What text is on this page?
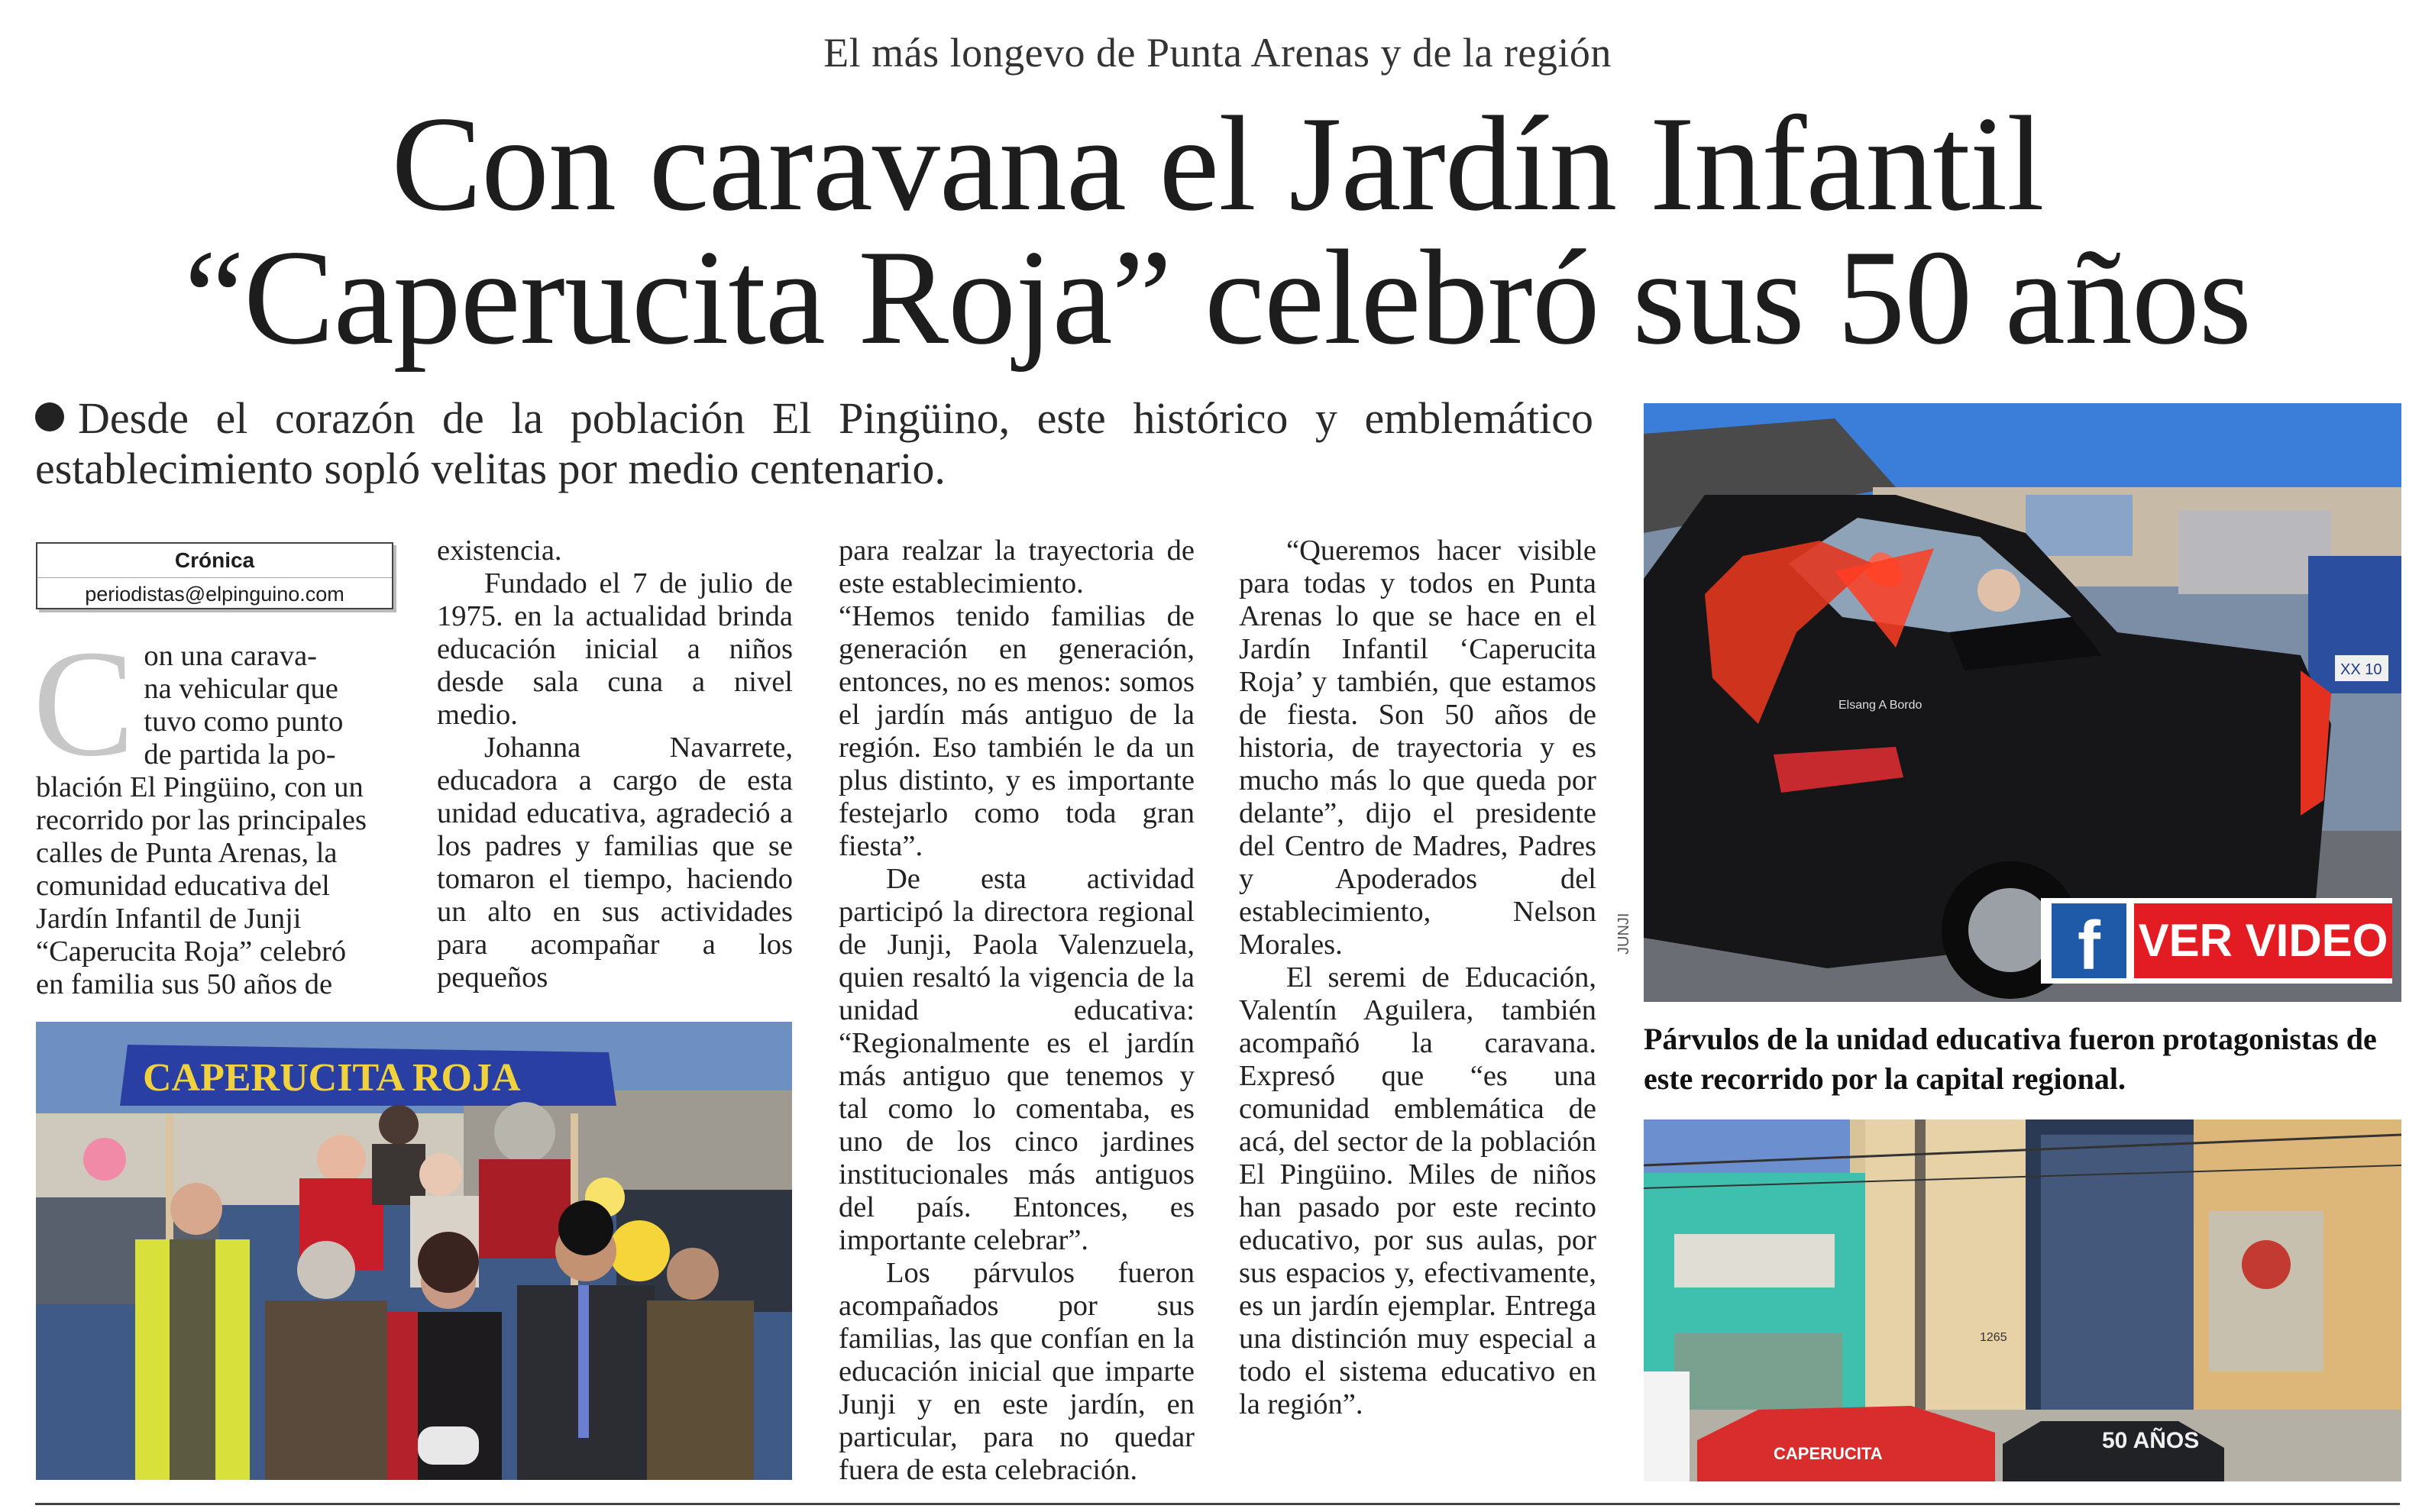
El más longevo de Punta Arenas y de la región
Con caravana el Jardín Infantil
“Caperucita Roja” celebró sus 50 años
Desde el corazón de la población El Pingüino, este histórico y emblemático establecimiento sopló velitas por medio centenario.
Crónica
periodistas@elpinguino.com
C on una carava-
na vehicular que
tuvo como punto
de partida la po-
blación El Pingüino, con un
recorrido por las principales
calles de Punta Arenas, la
comunidad educativa del
Jardín Infantil de Junji
“Caperucita Roja” celebró
en familia sus 50 años de

existencia.

Fundado el 7 de julio de 1975. en la actualidad brinda educación inicial a niños desde sala cuna a nivel medio.

Johanna Navarrete, educadora a cargo de esta unidad educativa, agradeció a los padres y familias que se tomaron el tiempo, haciendo un alto en sus actividades para acompañar a los pequeños

para realzar la trayectoria de este establecimiento.

“Hemos tenido familias de generación en generación, entonces, no es menos: somos el jardín más antiguo de la región. Eso también le da un plus distinto, y es importante festejarlo como toda gran fiesta”.

De esta actividad participó la directora regional de Junji, Paola Valenzuela, quien resaltó la vigencia de la unidad educativa: “Regionalmente es el jardín más antiguo que tenemos y tal como lo comentaba, es uno de los cinco jardines institucionales más antiguos del país. Entonces, es importante celebrar”.

Los párvulos fueron acompañados por sus familias, las que confían en la educación inicial que imparte Junji y en este jardín, en particular, para no quedar fuera de esta celebración.

“Queremos hacer visible para todas y todos en Punta Arenas lo que se hace en el Jardín Infantil ‘Caperucita Roja’ y también, que estamos de fiesta. Son 50 años de historia, de trayectoria y es mucho más lo que queda por delante”, dijo el presidente del Centro de Madres, Padres y Apoderados del establecimiento, Nelson Morales.

El seremi de Educación, Valentín Aguilera, también acompañó la caravana. Expresó que “es una comunidad emblemática de acá, del sector de la población El Pingüino. Miles de niños han pasado por este recinto educativo, por sus aulas, por sus espacios y, efectivamente, es un jardín ejemplar. Entrega una distinción muy especial a todo el sistema educativo en la región”.

CAPERUCITA ROJA
Elsang A Bordo
XX 10
f VER VIDEO
JUNJI
Párvulos de la unidad educativa fueron protagonistas de este recorrido por la capital regional.
CAPERUCITA
50 AÑOS
1265
